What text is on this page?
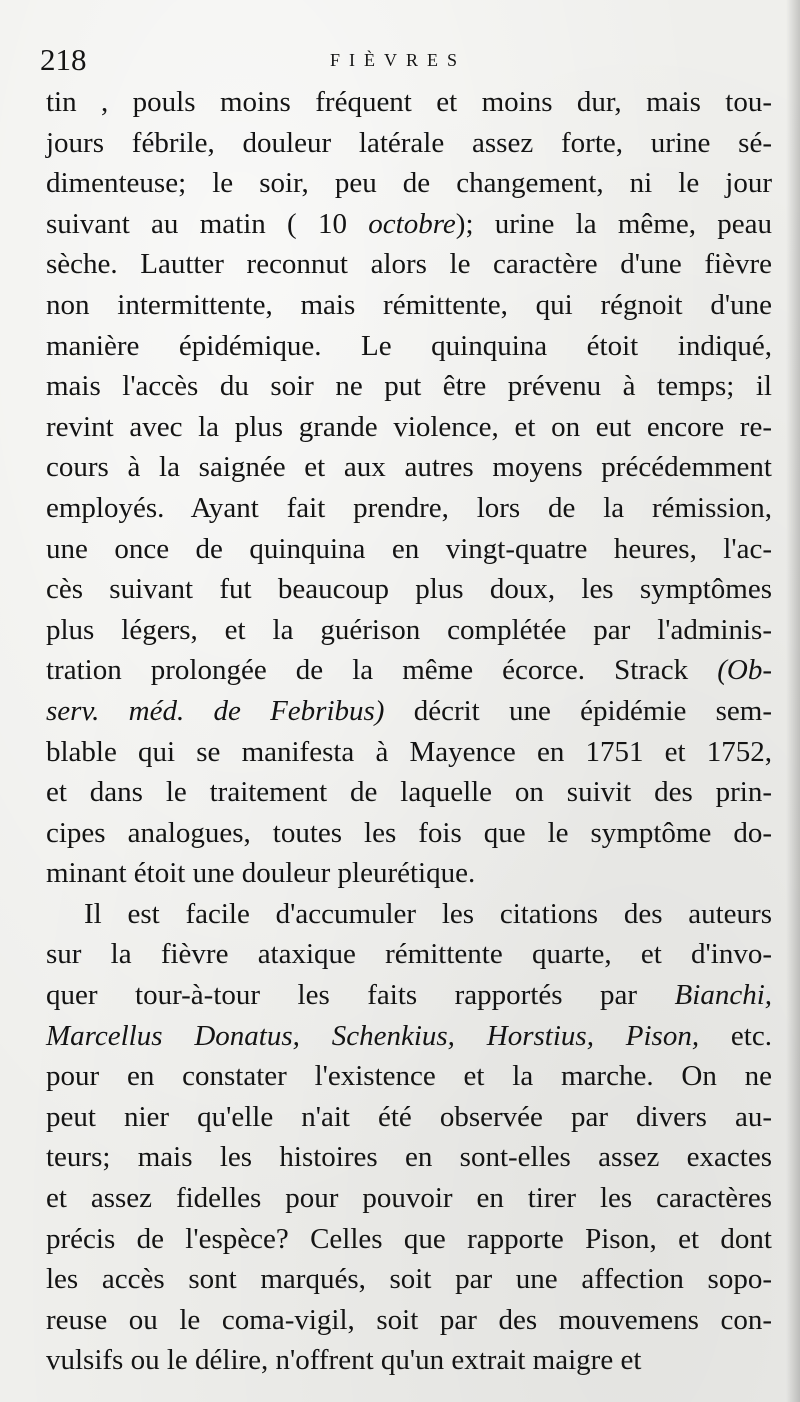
218	FIÈVRES
tin , pouls moins fréquent et moins dur, mais tou-
jours fébrile, douleur latérale assez forte, urine sé-
dimenteuse; le soir, peu de changement, ni le jour
suivant au matin ( 10 octobre); urine la même, peau
sèche. Lautter reconnut alors le caractère d'une fièvre
non intermittente, mais rémittente, qui régnoit d'une
manière épidémique. Le quinquina étoit indiqué,
mais l'accès du soir ne put être prévenu à temps; il
revint avec la plus grande violence, et on eut encore re-
cours à la saignée et aux autres moyens précédemment
employés. Ayant fait prendre, lors de la rémission,
une once de quinquina en vingt-quatre heures, l'ac-
cès suivant fut beaucoup plus doux, les symptômes
plus légers, et la guérison complétée par l'adminis-
tration prolongée de la même écorce. Strack (Ob-
serv. méd. de Febribus) décrit une épidémie sem-
blable qui se manifesta à Mayence en 1751 et 1752,
et dans le traitement de laquelle on suivit des prin-
cipes analogues, toutes les fois que le symptôme do-
minant étoit une douleur pleurétique.
Il est facile d'accumuler les citations des auteurs
sur la fièvre ataxique rémittente quarte, et d'invo-
quer tour-à-tour les faits rapportés par Bianchi,
Marcellus Donatus, Schenkius, Horstius, Pison, etc.
pour en constater l'existence et la marche. On ne
peut nier qu'elle n'ait été observée par divers au-
teurs; mais les histoires en sont-elles assez exactes
et assez fidelles pour pouvoir en tirer les caractères
précis de l'espèce? Celles que rapporte Pison, et dont
les accès sont marqués, soit par une affection sopo-
reuse ou le coma-vigil, soit par des mouvemens con-
vulsifs ou le délire, n'offrent qu'un extrait maigre et
